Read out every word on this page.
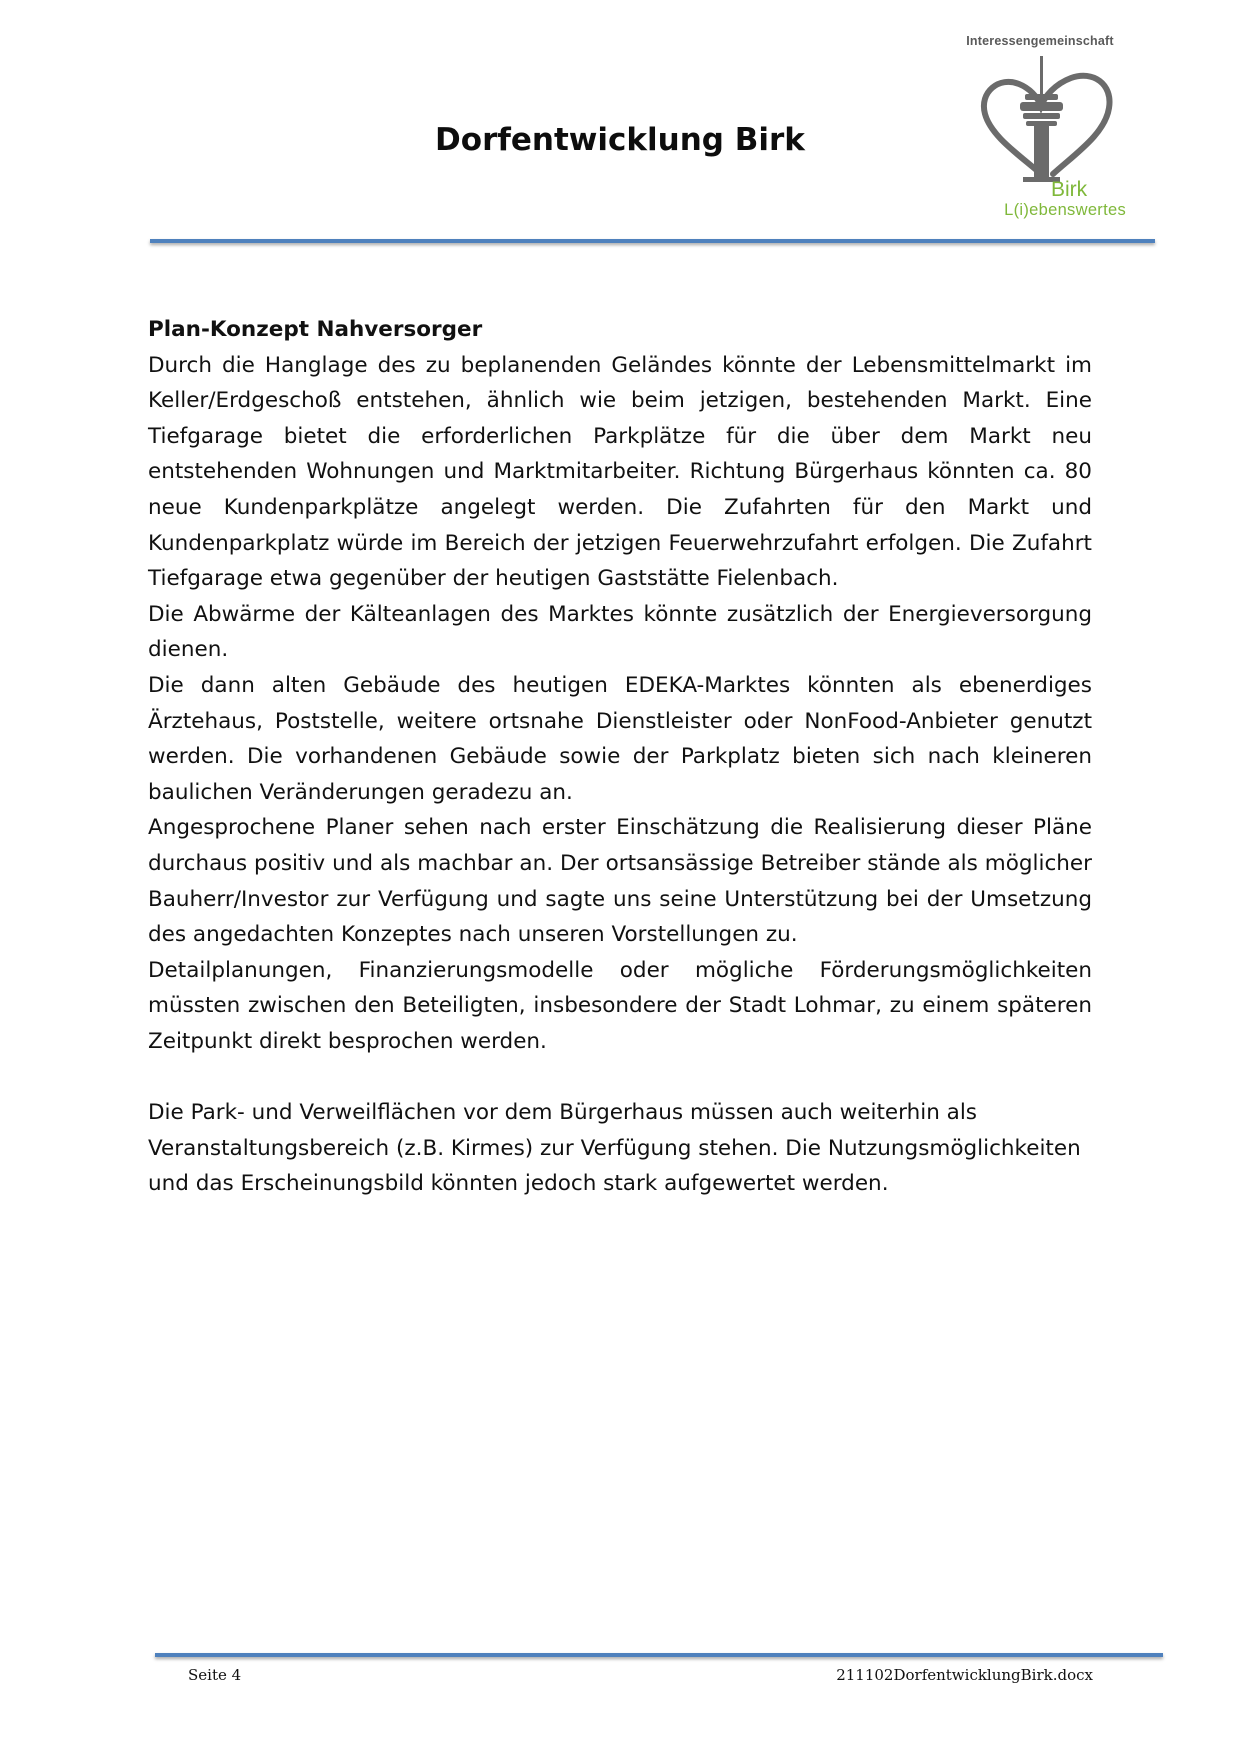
Dorfentwicklung Birk
Interessengemeinschaft
Birk
L(i)ebenswertes

Plan-Konzept Nahversorger

Durch die Hanglage des zu beplanenden Geländes könnte der Lebensmittelmarkt im Keller/Erdgeschoß entstehen, ähnlich wie beim jetzigen, bestehenden Markt. Eine Tiefgarage bietet die erforderlichen Parkplätze für die über dem Markt neu entstehenden Wohnungen und Marktmitarbeiter. Richtung Bürgerhaus könnten ca. 80 neue Kundenparkplätze angelegt werden. Die Zufahrten für den Markt und Kundenparkplatz würde im Bereich der jetzigen Feuerwehrzufahrt erfolgen. Die Zufahrt Tiefgarage etwa gegenüber der heutigen Gaststätte Fielenbach.

Die Abwärme der Kälteanlagen des Marktes könnte zusätzlich der Energieversorgung dienen.

Die dann alten Gebäude des heutigen EDEKA-Marktes könnten als ebenerdiges Ärztehaus, Poststelle, weitere ortsnahe Dienstleister oder NonFood-Anbieter genutzt werden. Die vorhandenen Gebäude sowie der Parkplatz bieten sich nach kleineren baulichen Veränderungen geradezu an.

Angesprochene Planer sehen nach erster Einschätzung die Realisierung dieser Pläne durchaus positiv und als machbar an. Der ortsansässige Betreiber stände als möglicher Bauherr/Investor zur Verfügung und sagte uns seine Unterstützung bei der Umsetzung des angedachten Konzeptes nach unseren Vorstellungen zu.

Detailplanungen, Finanzierungsmodelle oder mögliche Förderungsmöglichkeiten müssten zwischen den Beteiligten, insbesondere der Stadt Lohmar, zu einem späteren Zeitpunkt direkt besprochen werden.

Die Park- und Verweilflächen vor dem Bürgerhaus müssen auch weiterhin als Veranstaltungsbereich (z.B. Kirmes) zur Verfügung stehen. Die Nutzungsmöglichkeiten und das Erscheinungsbild könnten jedoch stark aufgewertet werden.

Seite 4	211102DorfentwicklungBirk.docx
